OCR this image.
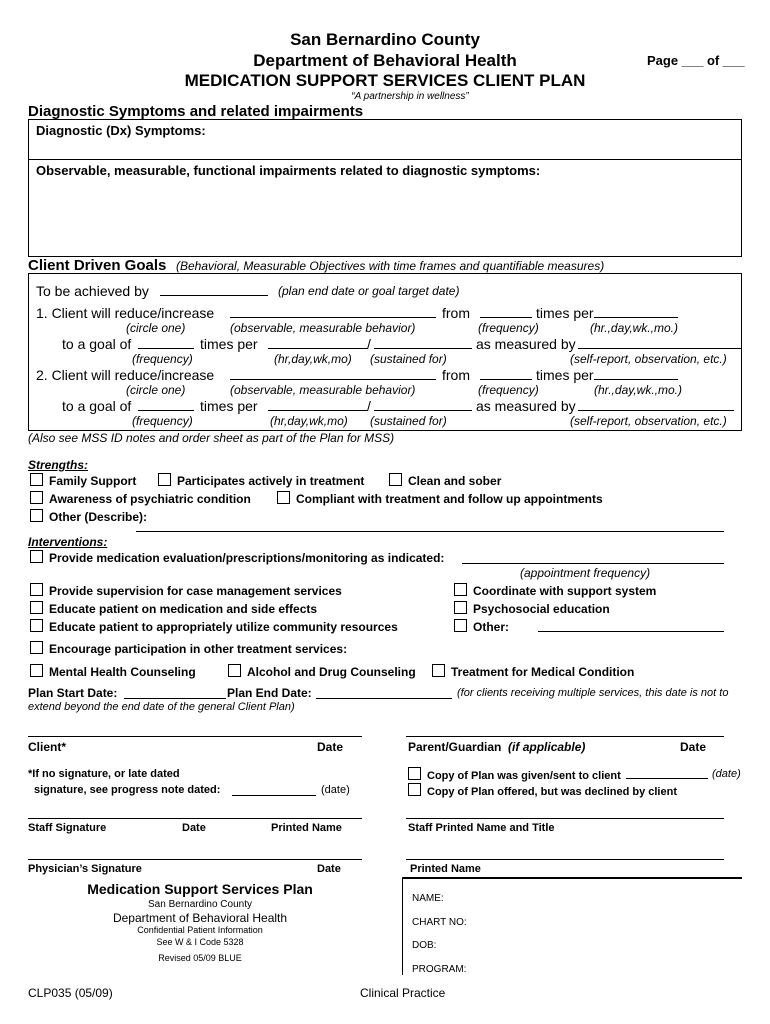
San Bernardino County
Department of Behavioral Health	Page ___ of ___
MEDICATION SUPPORT SERVICES CLIENT PLAN
“A partnership in wellness”
Diagnostic Symptoms and related impairments
Diagnostic (Dx) Symptoms:
Observable, measurable, functional impairments related to diagnostic symptoms:
Client Driven Goals (Behavioral, Measurable Objectives with time frames and quantifiable measures)
To be achieved by	(plan end date or goal target date)
1. Client will reduce/increase	from	times per
(circle one)	(observable, measurable behavior)	(frequency)	(hr.,day,wk.,mo.)
to a goal of	times per	/	as measured by
(frequency)	(hr,day,wk,mo) (sustained for)	(self-report, observation, etc.)
2. Client will reduce/increase	from	times per
(circle one)	(observable, measurable behavior)	(frequency)	(hr.,day,wk.,mo.)
to a goal of	times per	/	as measured by
(frequency)	(hr,day,wk,mo) (sustained for)	(self-report, observation, etc.)
(Also see MSS ID notes and order sheet as part of the Plan for MSS)
Strengths:
Family Support	Participates actively in treatment	Clean and sober
Awareness of psychiatric condition	Compliant with treatment and follow up appointments
Other (Describe):
Interventions:
Provide medication evaluation/prescriptions/monitoring as indicated:
(appointment frequency)
Provide supervision for case management services	Coordinate with support system
Educate patient on medication and side effects	Psychosocial education
Educate patient to appropriately utilize community resources	Other:
Encourage participation in other treatment services:
Mental Health Counseling	Alcohol and Drug Counseling	Treatment for Medical Condition
Plan Start Date:	Plan End Date:	(for clients receiving multiple services, this date is not to
extend beyond the end date of the general Client Plan)
Client*	Date	Parent/Guardian (if applicable)	Date
*If no signature, or late dated
signature, see progress note dated:	(date)
Copy of Plan was given/sent to client	(date)
Copy of Plan offered, but was declined by client
Staff Signature	Date	Printed Name	Staff Printed Name and Title
Physician’s Signature	Date	Printed Name
Medication Support Services Plan
San Bernardino County
Department of Behavioral Health
Confidential Patient Information
See W & I Code 5328
Revised 05/09 BLUE
NAME:
CHART NO:
DOB:
PROGRAM:
CLP035 (05/09)	Clinical Practice
